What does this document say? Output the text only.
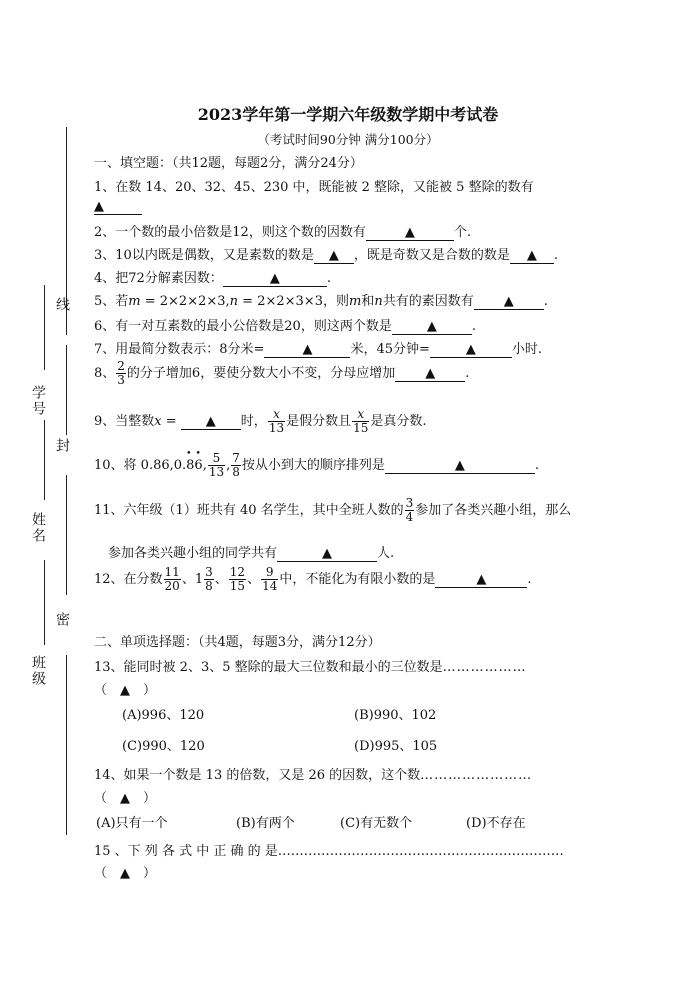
线
封
密
学号
姓名
班级
2023学年第一学期六年级数学期中考试卷
（考试时间90分钟 满分100分）
一、填空题：（共12题，每题2分，满分24分）
1、在数 14、20、32、45、230 中，既能被 2 整除，又能被 5 整除的数有
▲
2、一个数的最小倍数是12，则这个数的因数有	▲	个.
3、10以内既是偶数，又是素数的数是 ▲ ，既是奇数又是合数的数是 ▲ .
4、把72分解素因数：	▲	.
5、若m = 2×2×2×3,n = 2×2×3×3，则m和n共有的素因数有 ▲ .
6、有一对互素数的最小公倍数是20，则这两个数是	▲	.
7、用最简分数表示：8分米=	▲	米，45分钟=	▲	小时.
8、 $\frac{2}{3}$ 的分子增加6，要使分数大小不变，分母应增加 ▲ .
9、当整数x = ▲ 时， $\frac{x}{13}$ 是假分数且 $\frac{x}{15}$ 是真分数.
10、将 0.86,0.
••
86, $\frac{5}{13}$ , $\frac{7}{8}$ 按从小到大的顺序排列是	▲	.
11、六年级（1）班共有 40 名学生，其中全班人数的 $\frac{3}{4}$ 参加了各类兴趣小组，那么
参加各类兴趣小组的同学共有	▲	人.
12、在分数 $\frac{11}{20}$ 、$1 \frac{3}{8}$ 、 $\frac{12}{15}$ 、 $\frac{9}{14}$ 中，不能化为有限小数的是	▲	.
二、单项选择题：（共4题，每题3分，满分12分）
13、能同时被 2、3、5 整除的最大三位数和最小的三位数是………………
（　▲　）
(A)996、120	(B)990、102
(C)990、120	(D)995、105
14、如果一个数是 13 的倍数，又是 26 的因数，这个数……………………
（　▲　）
(A)只有一个	(B)有两个	(C)有无数个	(D)不存在
15 、下 列 各 式 中 正 确 的 是…………………………………………………………
（　▲　）
